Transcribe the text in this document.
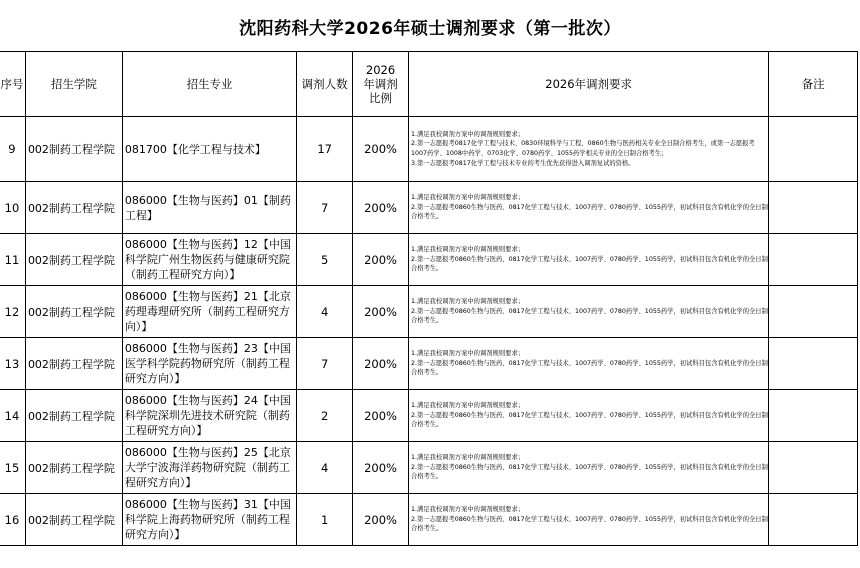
沈阳药科大学2026年硕士调剂要求（第一批次）
序号	招生学院	招生专业	调剂人数	2026年调剂比例	2026年调剂要求	备注
9	002制药工程学院	081700【化学工程与技术】	17	200%	1.满足我校调剂方案中的调剂规则要求；
2.第一志愿报考0817化学工程与技术、0830环境科学与工程、0860生物与医药相关专业全日制合格考生，或第一志愿报考1007药学、1008中药学、0703化学、0780药学、1055药学相关专业的全日制合格考生；
3.第一志愿报考0817化学工程与技术专业的考生优先获得进入调剂复试的资格。	

10	002制药工程学院	086000【生物与医药】01【制药工程】	7	200%	1.满足我校调剂方案中的调剂规则要求；
2.第一志愿报考0860生物与医药、0817化学工程与技术、1007药学、0780药学、1055药学，初试科目包含有机化学的全日制合格考生。	

11	002制药工程学院	086000【生物与医药】12【中国科学院广州生物医药与健康研究院（制药工程研究方向）】	5	200%	1.满足我校调剂方案中的调剂规则要求；
2.第一志愿报考0860生物与医药、0817化学工程与技术、1007药学、0780药学、1055药学，初试科目包含有机化学的全日制合格考生。	

12	002制药工程学院	086000【生物与医药】21【北京药理毒理研究所（制药工程研究方向）】	4	200%	1.满足我校调剂方案中的调剂规则要求；
2.第一志愿报考0860生物与医药、0817化学工程与技术、1007药学、0780药学、1055药学，初试科目包含有机化学的全日制合格考生。	

13	002制药工程学院	086000【生物与医药】23【中国医学科学院药物研究所（制药工程研究方向）】	7	200%	1.满足我校调剂方案中的调剂规则要求；
2.第一志愿报考0860生物与医药、0817化学工程与技术、1007药学、0780药学、1055药学，初试科目包含有机化学的全日制合格考生。	

14	002制药工程学院	086000【生物与医药】24【中国科学院深圳先进技术研究院（制药工程研究方向）】	2	200%	1.满足我校调剂方案中的调剂规则要求；
2.第一志愿报考0860生物与医药、0817化学工程与技术、1007药学、0780药学、1055药学，初试科目包含有机化学的全日制合格考生。	

15	002制药工程学院	086000【生物与医药】25【北京大学宁波海洋药物研究院（制药工程研究方向）】	4	200%	1.满足我校调剂方案中的调剂规则要求；
2.第一志愿报考0860生物与医药、0817化学工程与技术、1007药学、0780药学、1055药学，初试科目包含有机化学的全日制合格考生。	

16	002制药工程学院	086000【生物与医药】31【中国科学院上海药物研究所（制药工程研究方向）】	1	200%	1.满足我校调剂方案中的调剂规则要求；
2.第一志愿报考0860生物与医药、0817化学工程与技术、1007药学、0780药学、1055药学，初试科目包含有机化学的全日制合格考生。	
